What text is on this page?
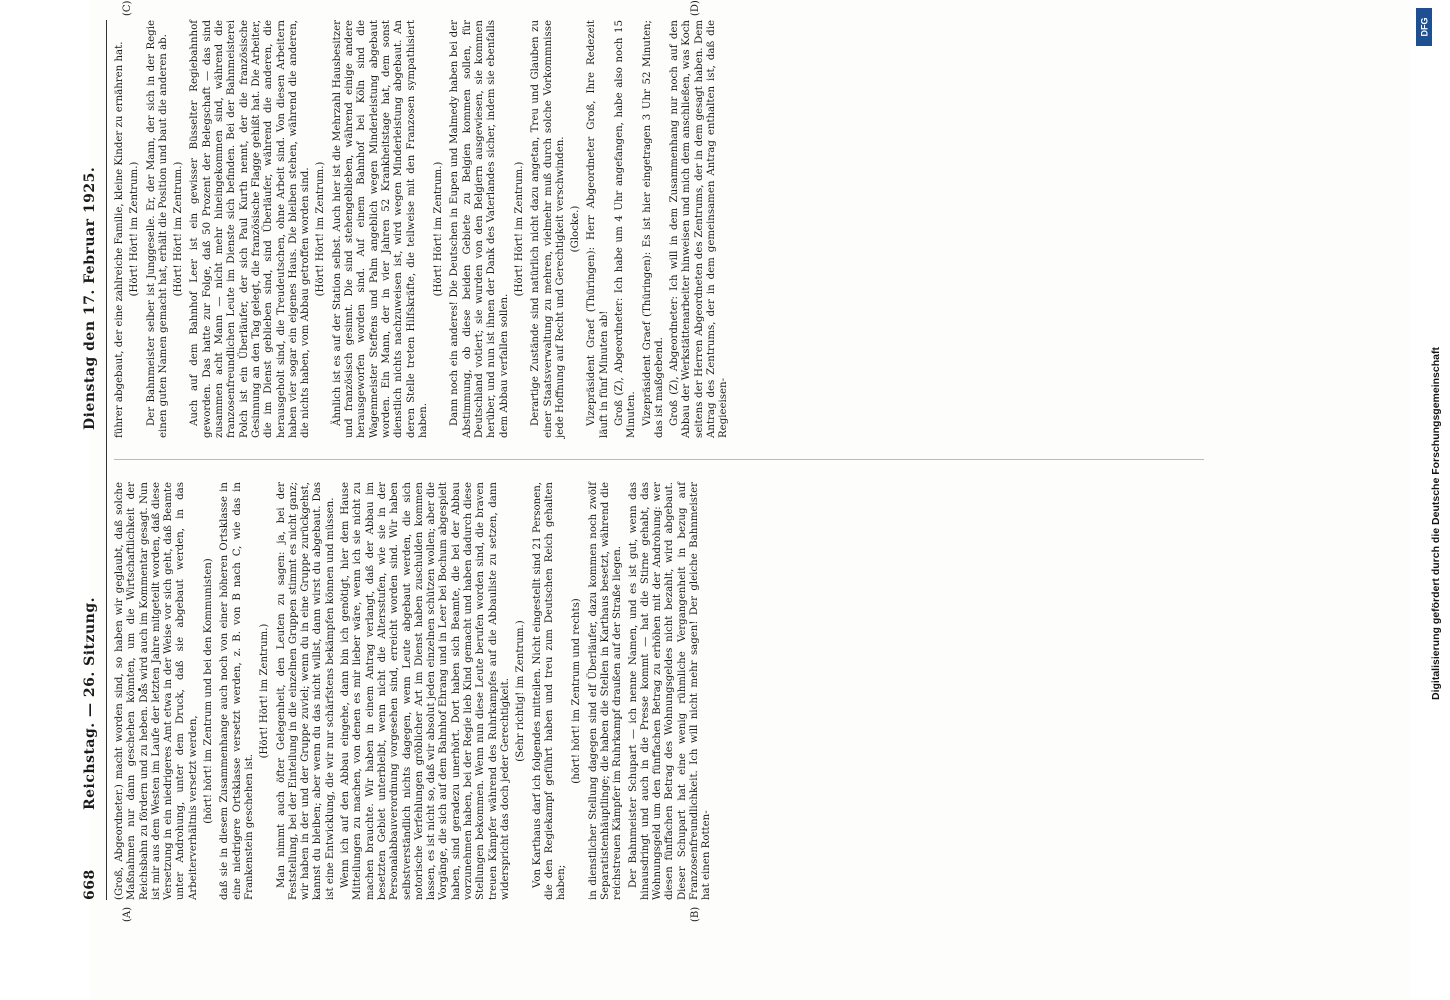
668
Reichstag. — 26. Sitzung.
Dienstag den 17. Februar 1925.
(A)	(B)
(C)	(D)

(Groß, Abgeordneter.) macht worden sind, so haben wir geglaubt, daß solche Maßnahmen nur dann geschehen könnten, um die Wirtschaftlichkeit der Reichsbahn zu fördern und zu heben. Das wird auch im Kommentar gesagt. Nun ist mir aus dem Westen im Laufe der letzten Jahre mitgeteilt worden, daß diese Versetzung in ein niedrigeres Amt etwa in der Weise vor sich geht, daß Beamte unter Androhung, unter dem Druck, daß sie abgebaut werden, in das Arbeiterverhältnis versetzt werden, (hört! hört! im Zentrum und bei den Kommunisten) daß sie in diesem Zusammenhange auch noch von einer höheren Ortsklasse in eine niedrigere Ortsklasse versetzt werden, z. B. von B nach C, wie das in Frankenstein geschehen ist.

(Hört! Hört! im Zentrum.) Man nimmt auch öfter Gelegenheit, den Leuten zu sagen: ja, bei der Feststellung, bei der Einteilung in die einzelnen Gruppen stimmt es nicht ganz; wir haben in der und der Gruppe zuviel; wenn du in eine Gruppe zurückgehst, kannst du bleiben; aber wenn du das nicht willst, dann wirst du abgebaut. Das ist eine Entwicklung, die wir nur schärfstens bekämpfen können und müssen. Wenn ich auf den Abbau eingehe, dann bin ich genötigt, hier dem Hause Mitteilungen zu machen, von denen es mir lieber wäre, wenn ich sie nicht zu machen brauchte. Wir haben in einem Antrag verlangt, daß der Abbau im besetzten Gebiet unterbleibt, wenn nicht die Altersstufen, wie sie in der Personalabbauverordnung vorgesehen sind, erreicht worden sind. Wir haben selbstverständlich nichts dagegen, wenn Leute abgebaut werden, die sich notorische Verfehlungen gröblicher Art im Dienst haben zuschulden kommen lassen, es ist nicht so, daß wir absolut jeden einzelnen schützen wollen; aber die Vorgänge, die sich auf dem Bahnhof Ehrang und in Leer bei Bochum abgespielt haben, sind geradezu unerhört. Dort haben sich Beamte, die bei der Abbau vorzunehmen haben, bei der Regie lieb Kind gemacht und haben dadurch diese Stellungen bekommen. Wenn nun diese Leute berufen worden sind, die braven treuen Kämpfer während des Ruhrkampfes auf die Abbauliste zu setzen, dann widerspricht das doch jeder Gerechtigkeit. (Sehr richtig! im Zentrum.) Von Karthaus darf ich folgendes mitteilen. Nicht eingestellt sind 21 Personen, die den Regiekampf geführt haben und treu zum Deutschen Reich gehalten haben;

(hört! hört! im Zentrum und rechts) in dienstlicher Stellung dagegen sind elf Überläufer, dazu kommen noch zwölf Separatistenhäuptlinge; die haben die Stellen in Karthaus besetzt, während die reichstreuen Kämpfer im Ruhrkampf draußen auf der Straße liegen. Der Bahnmeister Schupart — ich nenne Namen, und es ist gut, wenn das hinausdringt und auch in die Presse kommt — hat die Stirne gehabt, das Wohnungsgeld um den fünffachen Betrag zu erhöhen mit der Androhung: wer diesen fünffachen Betrag des Wohnungsgeldes nicht bezahlt, wird abgebaut. Dieser Schupart hat eine wenig rühmliche Vergangenheit in bezug auf Franzosenfreundlichkeit. Ich will nicht mehr sagen! Der gleiche Bahnmeister hat einen Rotten-

führer abgebaut, der eine zahlreiche Familie, kleine Kinder zu ernähren hat. (Hört! Hört! im Zentrum.) Der Bahnmeister selber ist Junggeselle. Er, der Mann, der sich in der Regie einen guten Namen gemacht hat, erhält die Position und baut die anderen ab. (Hört! Hört! im Zentrum.) Auch auf dem Bahnhof Leer ist ein gewisser Büsselter Regiebahnhof geworden. Das hatte zur Folge, daß 50 Prozent der Belegschaft — das sind zusammen acht Mann — nicht mehr hineingekommen sind, während die franzosenfreundlichen Leute im Dienste sich befinden. Bei der Bahnmeisterei Polch ist ein Überläufer, der sich Paul Kurth nennt, der die französische Gesinnung an den Tag gelegt, die französische Flagge gehißt hat. Die Arbeiter, die im Dienst geblieben sind, sind Überläufer, während die anderen, die herausgeholt sind, die Treudeutschen, ohne Arbeit sind. Von diesen Arbeitern haben vier sogar ein eigenes Haus. Die bleiben stehen, während die anderen, die nichts haben, vom Abbau getroffen worden sind. (Hört! Hört! im Zentrum.) Ähnlich ist es auf der Station selbst. Auch hier ist die Mehrzahl Hausbesitzer und französisch gesinnt. Die sind stehengeblieben, während einige andere herausgeworfen worden sind. Auf einem Bahnhof bei Köln sind die Wagenmeister Steffens und Palm angeblich wegen Minderleistung abgebaut worden. Ein Mann, der in vier Jahren 52 Krankheitstage hat, dem sonst dienstlich nichts nachzuweisen ist, wird wegen Minderleistung abgebaut. An deren Stelle treten Hilfskräfte, die teilweise mit den Franzosen sympathisiert haben.

(Hört! Hört! im Zentrum.) Dann noch ein anderes! Die Deutschen in Eupen und Malmedy haben bei der Abstimmung, ob diese beiden Gebiete zu Belgien kommen sollen, für Deutschland votiert; sie wurden von den Belgiern ausgewiesen, sie kommen herüber, und nun ist ihnen der Dank des Vaterlandes sicher, indem sie ebenfalls dem Abbau verfallen sollen.

(Hört! Hört! im Zentrum.) Derartige Zustände sind natürlich nicht dazu angetan, Treu und Glauben zu einer Staatsverwaltung zu mehren, vielmehr muß durch solche Vorkommnisse jede Hoffnung auf Recht und Gerechtigkeit verschwinden. (Glocke.) Vizepräsident Graef (Thüringen): Herr Abgeordneter Groß, Ihre Redezeit läuft in fünf Minuten ab! Groß (Z), Abgeordneter: Ich habe um 4 Uhr angefangen, habe also noch 15 Minuten. Vizepräsident Graef (Thüringen): Es ist hier eingetragen 3 Uhr 52 Minuten; das ist maßgebend. Groß (Z), Abgeordneter: Ich will in dem Zusammenhang nur noch auf den Abbau der Werkstättenarbeiter hinweisen und mich dem anschließen, was Koch seitens der Herren Abgeordneten des Zentrums, der in dem gesagt haben. Dem Antrag des Zentrums, der in dem gemeinsamen Antrag enthalten ist, daß die Regieeisen-	Digitalisierung gefördert durch die Deutsche Forschungsgemeinschaft
DFG
